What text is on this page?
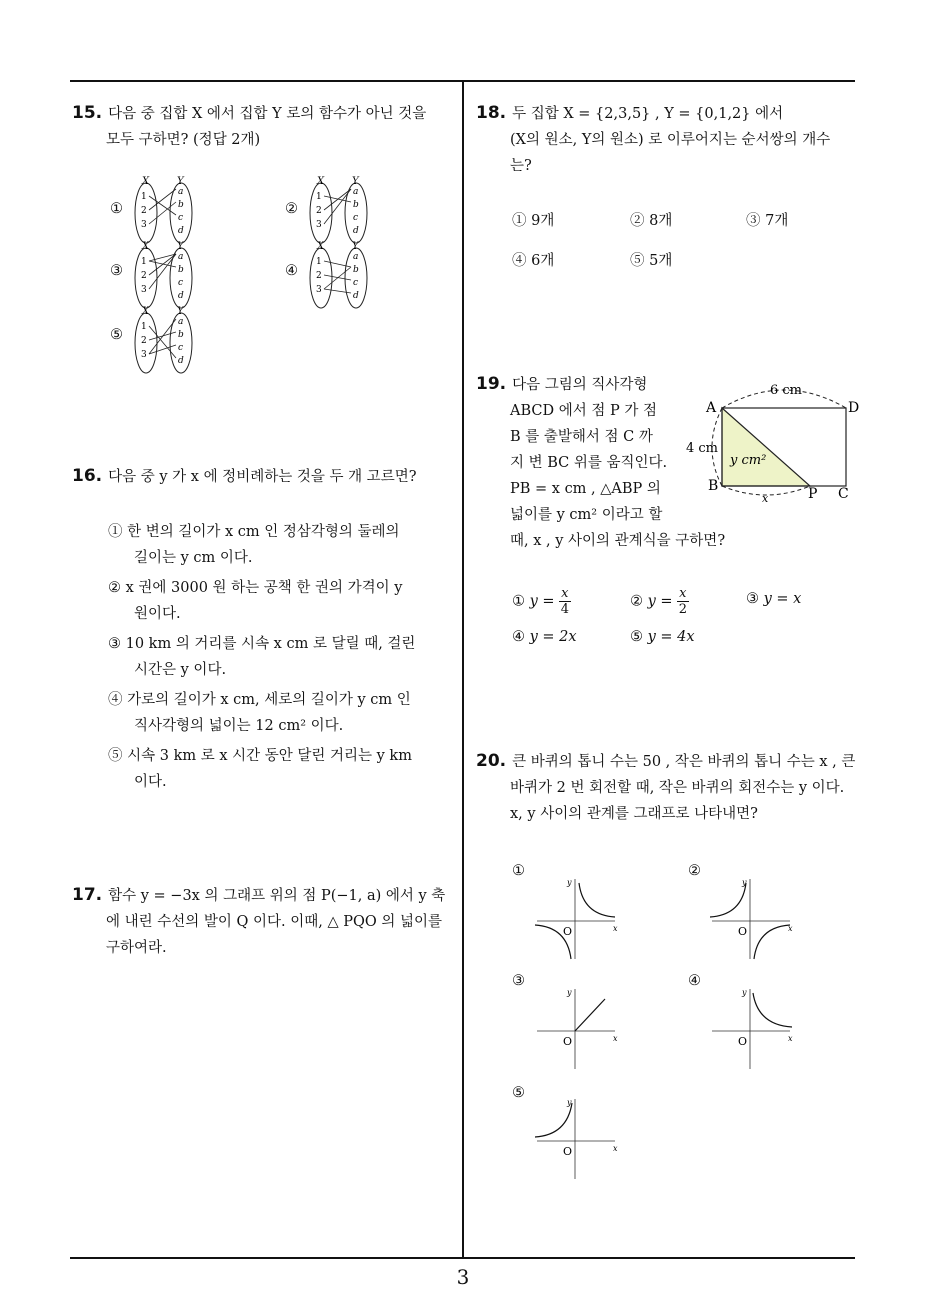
3
15. 다음 중 집합 X 에서 집합 Y 로의 함수가 아닌 것을
모두 구하면? (정답 2개)
①	②
③	④
⑤
X	Y
1
2
3
a
b
c
d
X	Y
1
2
3
a
b
c
d
X	Y
1
2
3
a
b
c
d
X	Y
1
2
3
a
b
c
d
X	Y
1
2
3
a
b
c
d
16. 다음 중 y 가 x 에 정비례하는 것을 두 개 고르면?
① 한 변의 길이가 x cm 인 정삼각형의 둘레의
길이는 y cm 이다.
② x 권에 3000 원 하는 공책 한 권의 가격이 y
원이다.
③ 10 km 의 거리를 시속 x cm 로 달릴 때, 걸린
시간은 y 이다.
④ 가로의 길이가 x cm, 세로의 길이가 y cm 인
직사각형의 넓이는 12 cm² 이다.
⑤ 시속 3 km 로 x 시간 동안 달린 거리는 y km
이다.
17. 함수 y = −3x 의 그래프 위의 점 P(−1, a) 에서 y 축
에 내린 수선의 발이 Q 이다. 이때, △ PQO 의 넓이를
구하여라.
18. 두 집합 X = {2,3,5} , Y = {0,1,2} 에서
(X의 원소, Y의 원소) 로 이루어지는 순서쌍의 개수
는?
① 9개	② 8개	③ 7개
④ 6개	⑤ 5개
19. 다음 그림의 직사각형
ABCD 에서 점 P 가 점
B 를 출발해서 점 C 까
지 변 BC 위를 움직인다.
PB = x cm , △ABP 의
넓이를 y cm² 이라고 할
때, x , y 사이의 관계식을 구하면?
6 cm
4 cm
x
y cm²
A	D
B	P C
① $y = \frac{x}{4}$	② $y = \frac{x}{2}$	③ y = x
④ y = 2x	⑤ y = 4x
20. 큰 바퀴의 톱니 수는 50 , 작은 바퀴의 톱니 수는 x , 큰
바퀴가 2 번 회전할 때, 작은 바퀴의 회전수는 y 이다.
x, y 사이의 관계를 그래프로 나타내면?
①	②
③	④
⑤
y
x
O
y
x
O
y
x
O
y
x
O
y
x
O
